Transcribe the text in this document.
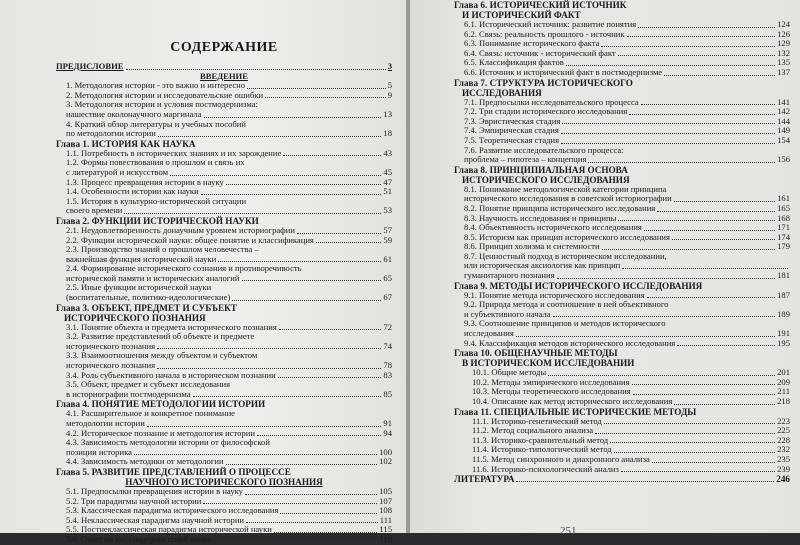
СОДЕРЖАНИЕ
ПРЕДИСЛОВИЕ	3
ВВЕДЕНИЕ
1. Методология истории - это важно и интересно	5
2. Методология истории и исследовательские ошибки	9
3. Методология истории и условия постмодернизма:
нашествие околонаучного маргинала	13
4. Краткий обзор литературы и учебных пособий
по методологии истории	18
Глава 1. ИСТОРИЯ КАК НАУКА
1.1. Потребность в исторических знаниях и их зарождение	43
1.2. Формы повествования о прошлом и связь их
с литературой и искусством	45
1.3. Процесс превращения истории в науку	47
1.4. Особенности истории как науки	51
1.5. История в культурно-исторической ситуации
своего времени	53
Глава 2. ФУНКЦИИ ИСТОРИЧЕСКОЙ НАУКИ
2.1. Неудовлетворенность донаучным уровнем историографии	57
2.2. Функции исторической науки: общее понятие и классификация	59
2.3. Производство знаний о прошлом человечества –
важнейшая функция исторической науки	61
2.4. Формирование исторического сознания и противоречивость
исторической памяти и исторических аналогий	65
2.5. Иные функции исторической науки
(воспитательные, политико-идеологические)	67
Глава 3. ОБЪЕКТ, ПРЕДМЕТ И СУБЪЕКТ
ИСТОРИЧЕСКОГО ПОЗНАНИЯ
3.1. Понятие объекта и предмета исторического познания	72
3.2. Развитие представлений об объекте и предмете
исторического познания	74
3.3. Взаимоотношения между объектом и субъектом
исторического познания	78
3.4. Роль субъективного начала в историческом познании	83
3.5. Объект, предмет и субъект исследования
в историографии постмодернизма	85
Глава 4. ПОНЯТИЕ МЕТОДОЛОГИИ ИСТОРИИ
4.1. Расширительное и конкретное понимание
методологии истории	91
4.2. Историческое познание и методология истории	94
4.3. Зависимость методологии истории от философской
позиции историка	100
4.4. Зависимость методики от методологии	102
Глава 5. РАЗВИТИЕ ПРЕДСТАВЛЕНИЙ О ПРОЦЕССЕ
НАУЧНОГО ИСТОРИЧЕСКОГО ПОЗНАНИЯ
5.1. Предпосылки превращения истории в науку	105
5.2. Три парадигмы научной истории	107
5.3. Классическая парадигма исторического исследования	108
5.4. Неклассическая парадигма научной истории	111
5.5. Постнеклассическая парадигма исторической науки	115
5.6. Ответ на постмодернистский вызов	119
Глава 6. ИСТОРИЧЕСКИЙ ИСТОЧНИК
И ИСТОРИЧЕСКИЙ ФАКТ
6.1. Исторический источник: развитие понятия	124
6.2. Связь: реальность прошлого - источник	126
6.3. Понимание исторического факта	129
6.4. Связь: источник - исторический факт	132
6.5. Классификация фактов	135
6.6. Источник и исторический факт в постмодернизме	137
Глава 7. СТРУКТУРА ИСТОРИЧЕСКОГО
ИССЛЕДОВАНИЯ
7.1. Предпосылки исследовательского процесса	141
7.2. Три стадии исторического исследования	142
7.3. Эвристическая стадия	144
7.4. Эмпирическая стадия	149
7.5. Теоретическая стадия	154
7.6. Развитие исследовательского процесса:
проблема – гипотеза – концепция	156
Глава 8. ПРИНЦИПИАЛЬНАЯ ОСНОВА
ИСТОРИЧЕСКОГО ИССЛЕДОВАНИЯ
8.1. Понимание методологической категории принципа
исторического исследования в советской историографии	161
8.2. Понятие принципа исторического исследования	165
8.3. Научность исследования и принципы	168
8.4. Объективность исторического исследования	171
8.5. Историзм как принцип исторического исследования	174
8.6. Принцип холизма и системности	179
8.7. Ценностный подход в историческом исследовании,
или историческая аксиология как принцип
гуманитарного познания	181
Глава 9. МЕТОДЫ ИСТОРИЧЕСКОГО ИССЛЕДОВАНИЯ
9.1. Понятие метода исторического исследования	187
9.2. Природа метода и соотношение в ней объективного
и субъективного начала	189
9.3. Соотношение принципов и методов исторического
исследования	191
9.4. Классификация методов исторического исследования	195
Глава 10. ОБЩЕНАУЧНЫЕ МЕТОДЫ
В ИСТОРИЧЕСКОМ ИССЛЕДОВАНИИ
10.1. Общие методы	201
10.2. Методы эмпирического исследования	209
10.3. Методы теоретического исследования	211
10.4. Описание как метод исторического исследования	218
Глава 11. СПЕЦИАЛЬНЫЕ ИСТОРИЧЕСКИЕ МЕТОДЫ
11.1. Историко-генетический метод	223
11.2. Метод социального анализа	225
11.3. Историко-сравнительный метод	228
11.4. Историко-типологический метод	232
11.5. Метод синхронного и диахронного анализа	235
11.6. Историко-психологический анализ	239
ЛИТЕРАТУРА	246
251
